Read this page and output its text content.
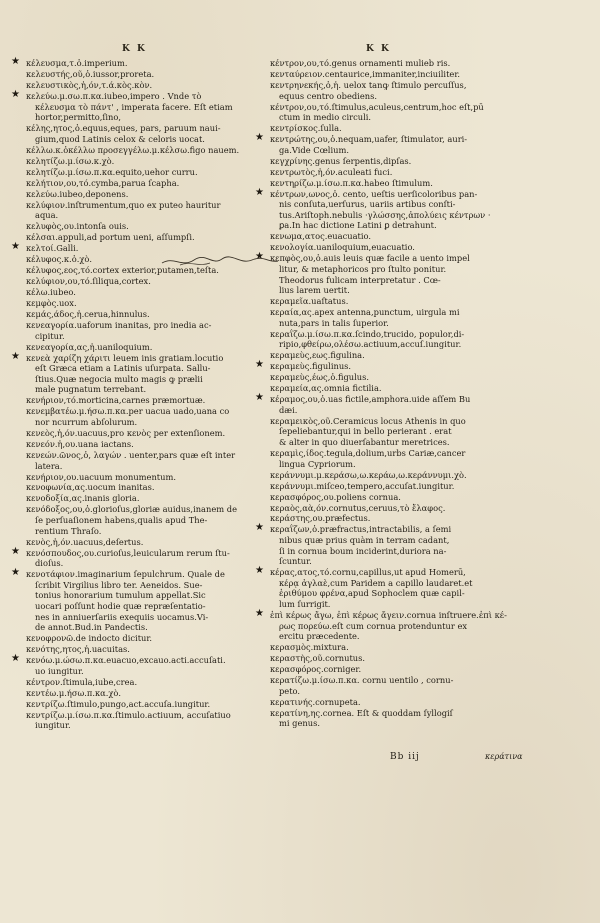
K K	K K
★ κέλευσμα,τ.ὁ.imperium.
κελευστής,οῦ,ὁ.iussor,proreta.
κελευστικὸς,ἡ,όν,τ.ά.κὸς.κὸν.
★ κελεύω.μ.σω.π.κα.iubeo,impero . Vnde τὸ
κέλευσμα τὸ πάντ' , imperata facere. Eſt etiam
hortor,permitto,ſino,
κέλης,ητος,ὁ.equus,eques, pars, paruum naui-
gium,quod Latinis celox & celoris uocat.
κέλλω.κ.ὀκέλλω προσεγγέλω.μ.κέλσω.figo nauem.
κελητίζω.μ.ίσω.κ.χὸ.
κελητίζω.μ.ίσω.π.κα.equito,uehor curru.
κελήτιον,ου,τό.cymba,parua ſcapha.
κελεύω.iubeo,deponens.
κελύφιον.inſtrumentum,quo ex puteo hauritur
aqua.
κελυφὸς,ου.intonſa ouis.
κέλσαι.appuli,ad portum ueni, aſſumpſi.
★ κελτοί.Galli.
κέλυφος.κ.ὁ.χὸ.
κέλυφος,εος,τό.cortex exterior,putamen,teſta.
κελύφιον,ου,τό.ſiliqua,cortex.
κέλω.iubeo.
κεμφὸς.uox.
κεμάς,άδος,ἡ.ceruа,hinnulus.
κενεαγορία.uaforum inanitas, pro inedia ac-
cipitur.
κενεαγορία,ας,ἡ.uaniloquium.
★ κενεὰ χαρίζη χάριτι leuem inis gratiam.locutio
eſt Græca etiam a Latinis uſurpata. Sallu-
ſtius.Quæ negocia multo magis ꝙ prælii
male pugnatum terrebant.
κενήριον,τό.mortiсina,carnes præmortuæ.
κενεμβατέω.μ.ήσω.π.κα.per uacua uado,uana co
nor ncurrum abſolurum.
κενεὸς,ἡ,όν.uacuus,pro κενὸς per extenſionem.
κενεόν.ἡ,ου.uana iactans.
κενεών.ῶνος,ὁ, λαγών . uenter,pars quæ eſt inter
latera.
κενήριον,ου.uacuum monumentum.
κενοφωνία,ας.uocum inanitas.
κενοδοξία,ας.inanis gloria.
κενόδοξος,ου,ὁ.glorioſus,gloriæ auidus,inanem de
ſe perſuaſionem habens,qualis apud The-
rentium Thraſo.
κενὸς,ἡ,όν.uacuus,deſertus.
★ κενόσπουδος,ου.curioſus,leuicularum rerum ſtu-
dioſus.
★ κενοτάφιον.imaginarium ſepulchrum. Quale de
ſcribit Virgilius libro ter. Aeneidos. Sue-
tonius honorarium tumulum appellat.Sic
uocari poſſunt hodie quæ repræſentatio-
nes in anniuerſariis exequiis uocamus.Vi-
de annot.Bud.in Pandectis.
κενοφρονῶ.de indocto dicitur.
κενότης,ητος,ἡ.uacuitas.
★ κενόω.μ.ώσω.π.κα.euacuo,excauo.acti.accuſati.
uo iungitur.
κέντρον.ſtimula,iube,crea.
κεντέω.μ.ήσω.π.κα.χὸ.
κεντρίζω.ſtimulo,pungo,act.accuſa.iungitur.
κεντρίζω.μ.ίσω.π.κα.ſtimulo.actiuum, accuſatiuo
iungitur.
κέντρον,ου,τό.genus ornamenti mulieb ris.
κενταύρειον.centaurice,immaniter,inciuiliter.
κεντρηνεκής,ὁ,ἡ. uelox tanꝙ ſtimulo percuſſus,
equus centro obediens.
κέντρον,ου,τό.ſtimulus,aculeus,centrum,hoc eſt,pū
ctum in medio circuli.
κεντρίσκος.ſulla.
★ κεντρώτης,ου,ὁ.nequam,uafer, ſtimulator, auri-
ga.Vide Cœlium.
κεγχρίνης.genus ſerpentis,dipſas.
κεντρωτὸς,ἡ,όν.aculeati fuci.
κεντηρίζω.μ.ίσω.π.κα.habeo ſtimulum.
★ κέντρων,ωνος,ὁ. cento, ueſtis uerſicoloribus pan-
nis conſuta,uerſurus, uariis artibus conſti-
tus.Ariſtoph.nebulis ·γλώσσης,ἀπολύεις κέντρων ·
ꝑa.In hac dictione Latini ꝑ detrahunt.
κενωμα,ατος.euacuatio.
κενολογία.uaniloquium,euacuatio.
★ κεπφὸς,ου,ὁ.auis leuis quæ facile a uento impel
litur, & metaphoricos pro ſtulto ponitur.
Theodorus fulicam interpretatur . Cœ-
lius larem uertit.
κεραμεῖα.uaſtatus.
κεραία,ας.apex antenna,punctum, uirgula mi
nuta,pars in talis ſuperior.
κεραΐζω.μ.ίσω.π.κα.ſcindo,trucido, populor,di-
ripio,φθείρω,ολέσω.actiuum,accuſ.iungitur.
κεραμεὺς,εως.figulina.
★ κεραμεὺς.figulinus.
κεραμεὺς,έως,ὁ.figulus.
κεραμεία,ας.omnia fictilia.
★ κέραμος,ου,ὁ.uas fictile,amphora.uide aſſem Bu
dæi.
κεραμεικὸς,οῦ.Ceramicus locus Athenis in quo
ſepeliebantur,qui in bello perierant . erat
& alter in quo diuerſabantur meretrices.
κεραμὶς,ίδος.tegula,dolium,urbs Cariæ,cancer
lingua Cypriorum.
κεράννυμι.μ.κεράσω,ω.κεράω,ω.κεράννυμι.χὸ.
κεράννυμι.miſceo,tempero,accuſat.iungitur.
κερασφόρος,ου.poliens cornua.
κεραὸς,αὰ,όν.cornutus,ceruus,τὸ ἔλαφος.
κεράστης,ου.præfectus.
★ κεραΐζων,ὁ.præfractus,intractabilis, a ſemi
nibus quæ prius quàm in terram cadant,
ſi in cornua boum inciderint,duriora na-
ſcuntur.
★ κέρας,ατος,τό.cornu,capillus,ut apud Homerū,
κέρᾳ ἀγλαὲ,cum Paridem a capillo laudaret.et
ἐριθύμου φρένα,apud Sophoclem quæ capil-
lum ſurrigit.
★ ἐπὶ κέρως ἄγω, ἐπὶ κέρως ἄγειν.cornua inſtruere.ἐπὶ κέ-
ρως πορεύω.eſt cum cornua protenduntur ex
ercitu præcedente.
κερασμὸς.mixtura.
κεραστὴς,οῦ.cornutus.
κερασφόρος.corniger.
κερατίζω.μ.ίσω.π.κα. cornu uentilo , cornu-
peto.
κερατινής.cornupeta.
κερατίνη,ης.cornea. Eſt & quoddam ſyllogiſ
mi genus.
Bb iij	κεράτινα
